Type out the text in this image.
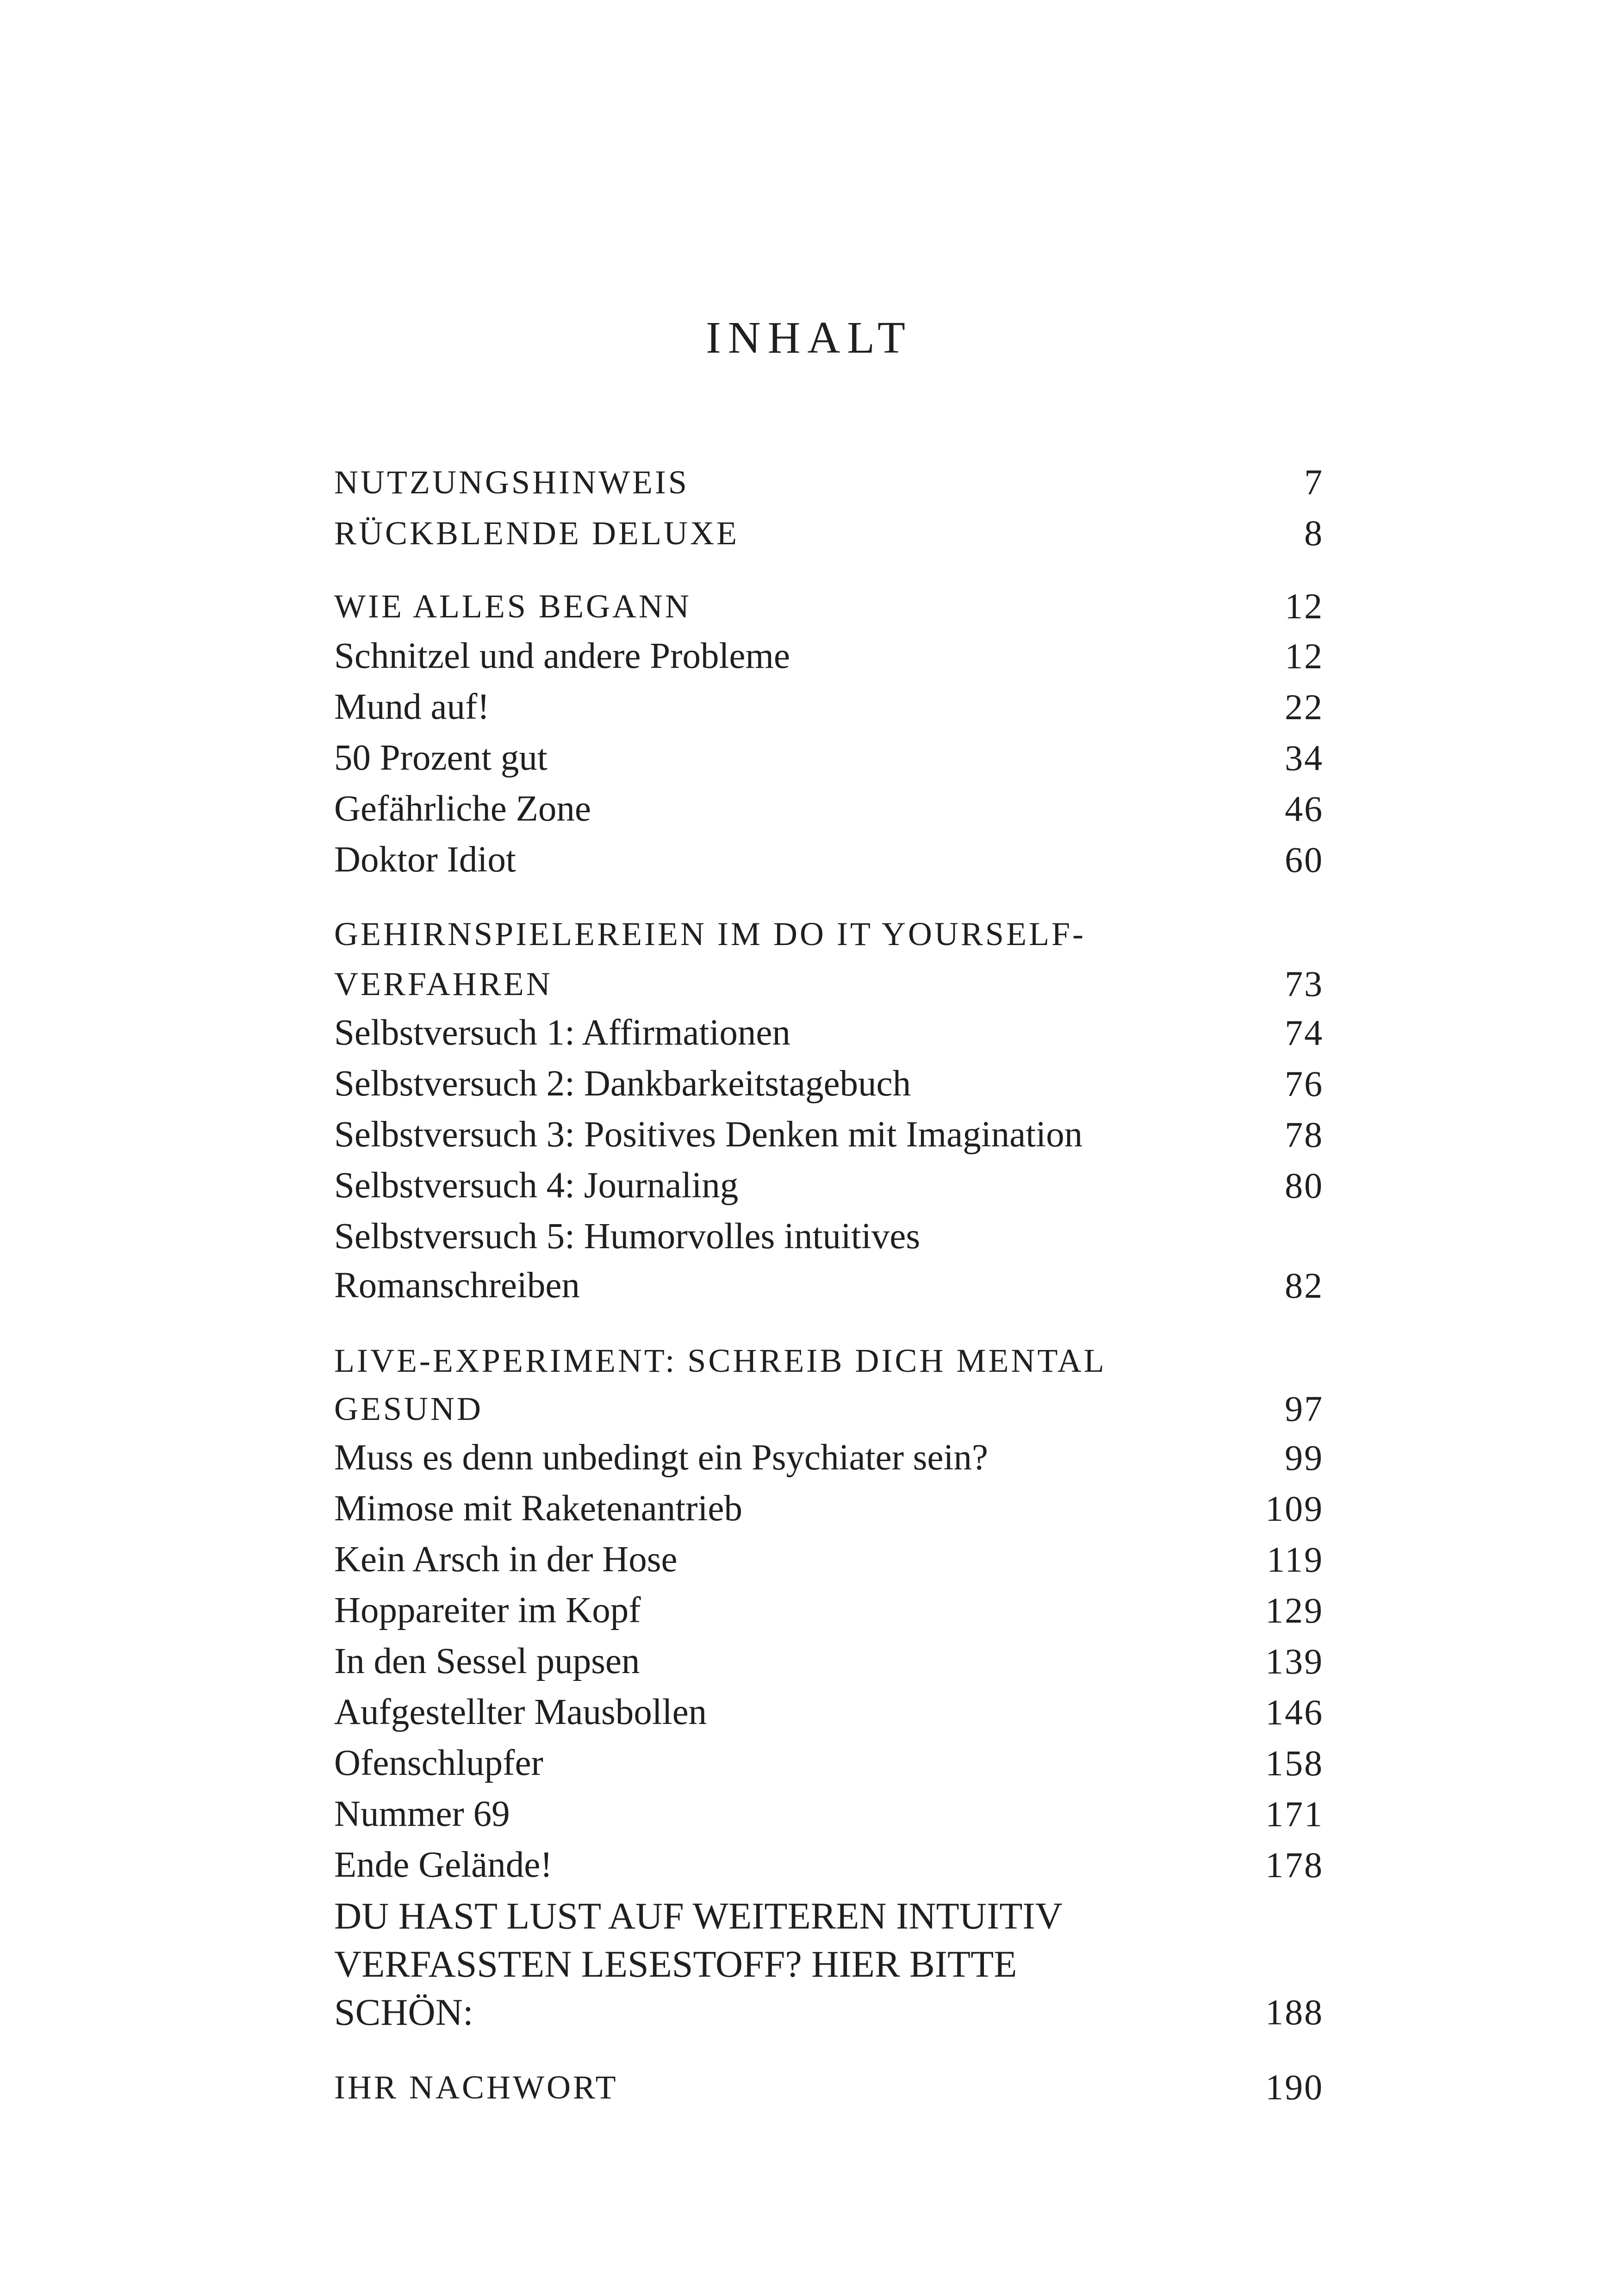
INHALT
NUTZUNGSHINWEIS	7
RÜCKBLENDE DELUXE	8
WIE ALLES BEGANN	12
Schnitzel und andere Probleme	12
Mund auf!	22
50 Prozent gut	34
Gefährliche Zone	46
Doktor Idiot	60
GEHIRNSPIELEREIEN IM DO IT YOURSELF-
VERFAHREN	73
Selbstversuch 1: Affirmationen	74
Selbstversuch 2: Dankbarkeitstagebuch	76
Selbstversuch 3: Positives Denken mit Imagination	78
Selbstversuch 4: Journaling	80
Selbstversuch 5: Humorvolles intuitives
Romanschreiben	82
LIVE-EXPERIMENT: SCHREIB DICH MENTAL
GESUND	97
Muss es denn unbedingt ein Psychiater sein?	99
Mimose mit Raketenantrieb	109
Kein Arsch in der Hose	119
Hoppareiter im Kopf	129
In den Sessel pupsen	139
Aufgestellter Mausbollen	146
Ofenschlupfer	158
Nummer 69	171
Ende Gelände!	178
DU HAST LUST AUF WEITEREN INTUITIV
VERFASSTEN LESESTOFF? HIER BITTE
SCHÖN:	188
IHR NACHWORT	190
